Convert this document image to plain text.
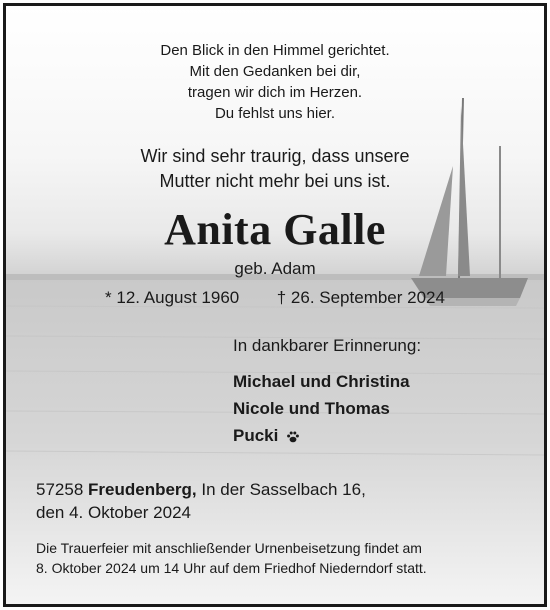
Den Blick in den Himmel gerichtet.
Mit den Gedanken bei dir,
tragen wir dich im Herzen.
Du fehlst uns hier.
Wir sind sehr traurig, dass unsere
Mutter nicht mehr bei uns ist.
Anita Galle
geb. Adam
* 12. August 1960 † 26. September 2024
In dankbarer Erinnerung:
Michael und Christina
Nicole und Thomas
Pucki
57258 Freudenberg, In der Sasselbach 16,
den 4. Oktober 2024
Die Trauerfeier mit anschließender Urnenbeisetzung findet am
8. Oktober 2024 um 14 Uhr auf dem Friedhof Niederndorf statt.
